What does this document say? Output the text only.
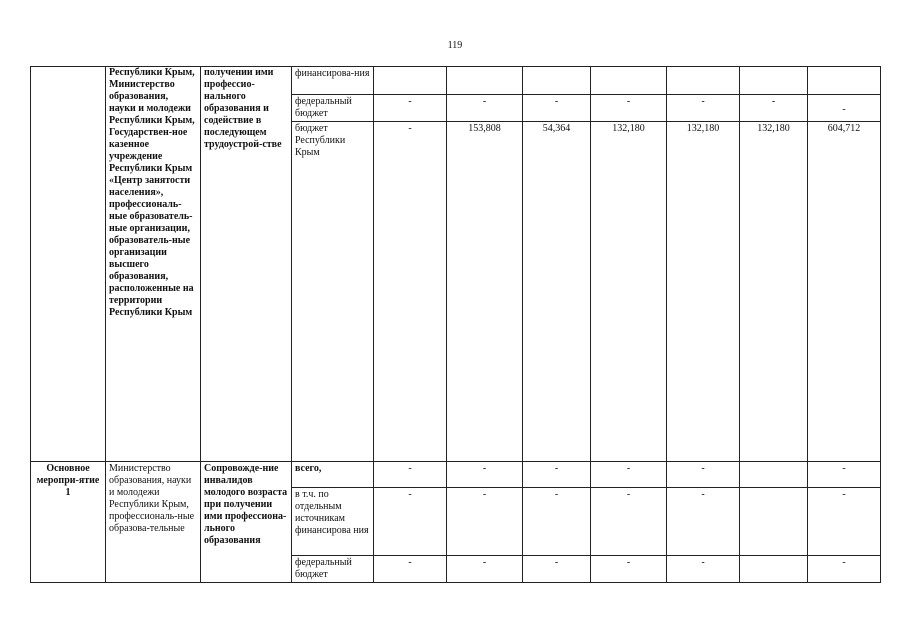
119
	Республики Крым, Министерство образования, науки и молодежи Республики Крым, Государствен-ное казенное учреждение Республики Крым «Центр занятости населения», профессиональ-ные образователь-ные организации, образователь-ные организации высшего образования, расположенные на территории Республики Крым	получении ими профессио-нального образования и содействие в последующем трудоустрой-стве	финансирова-ния							
			федеральный бюджет	-	-	-	-	-	-	-
			бюджет Республики Крым	-	153,808	54,364	132,180	132,180	132,180	604,712
Основное меропри-ятие 1	Министерство образования, науки и молодежи Республики Крым, профессиональ-ные образова-тельные	Сопровожде-ние инвалидов молодого возраста при получении ими профессиона-льного образования	всего,	-	-	-	-	-		-
			в т.ч. по отдельным источникам финансирова ния	-	-	-	-	-		-
			федеральный бюджет	-	-	-	-	-		-
